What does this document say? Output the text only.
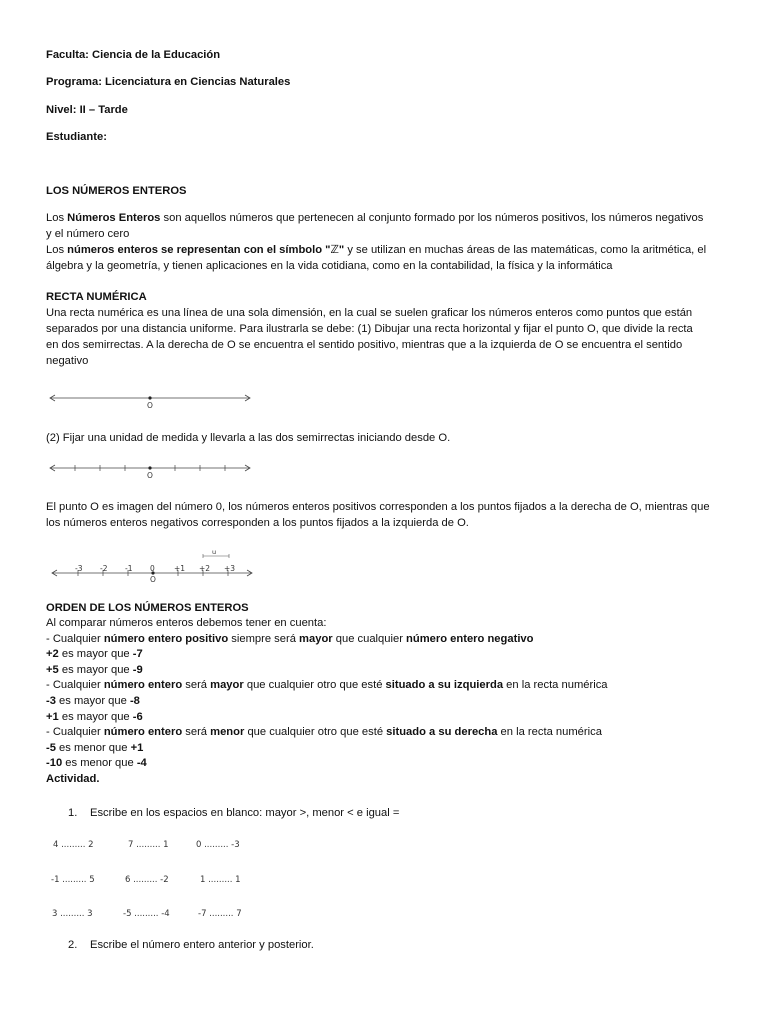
Faculta: Ciencia de la Educación
Programa: Licenciatura en Ciencias Naturales
Nivel: II – Tarde
Estudiante:
LOS NÚMEROS ENTEROS
Los Números Enteros son aquellos números que pertenecen al conjunto formado por los números positivos, los números negativos
y el número cero
Los números enteros se representan con el símbolo "ℤ" y se utilizan en muchas áreas de las matemáticas, como la aritmética, el
álgebra y la geometría, y tienen aplicaciones en la vida cotidiana, como en la contabilidad, la física y la informática
RECTA NUMÉRICA
Una recta numérica es una línea de una sola dimensión, en la cual se suelen graficar los números enteros como puntos que están
separados por una distancia uniforme. Para ilustrarla se debe: (1) Dibujar una recta horizontal y fijar el punto O, que divide la recta
en dos semirrectas. A la derecha de O se encuentra el sentido positivo, mientras que a la izquierda de O se encuentra el sentido
negativo
O
(2) Fijar una unidad de medida y llevarla a las dos semirrectas iniciando desde O.
O
El punto O es imagen del número 0, los números enteros positivos corresponden a los puntos fijados a la derecha de O, mientras que
los números enteros negativos corresponden a los puntos fijados a la izquierda de O.
u
-3 -2 -1 0	+1 +2 +3
O
ORDEN DE LOS NÚMEROS ENTEROS
Al comparar números enteros debemos tener en cuenta:
- Cualquier número entero positivo siempre será mayor que cualquier número entero negativo
+2 es mayor que -7
+5 es mayor que -9
- Cualquier número entero será mayor que cualquier otro que esté situado a su izquierda en la recta numérica
-3 es mayor que -8
+1 es mayor que -6
- Cualquier número entero será menor que cualquier otro que esté situado a su derecha en la recta numérica
-5 es menor que +1
-10 es menor que -4
Actividad.
1. Escribe en los espacios en blanco: mayor >, menor < e igual =
4 ......... 2	7 ......... 1	0 ......... -3
-1 ......... 5	6 ......... -2	1 ......... 1
3 ......... 3	-5 ......... -4	-7 ......... 7
2. Escribe el número entero anterior y posterior.
